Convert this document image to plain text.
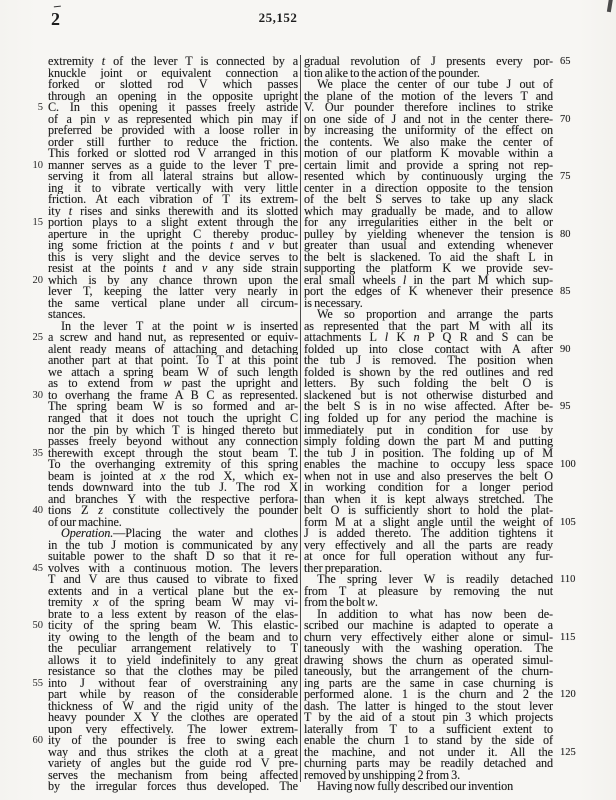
2	25,152
extremity t of the lever T is connected by a
knuckle joint or equivalent connection a
forked or slotted rod V which passes
through an opening in the opposite upright
5 C. In this opening it passes freely astride
of a pin v as represented which pin may if
preferred be provided with a loose roller in
order still further to reduce the friction.
This forked or slotted rod V arranged in this
10 manner serves as a guide to the lever T pre-
serving it from all lateral strains but allow-
ing it to vibrate vertically with very little
friction. At each vibration of T its extrem-
ity t rises and sinks therewith and its slotted
15 portion plays to a slight extent through the
aperture in the upright C thereby produc-
ing some friction at the points t and v but
this is very slight and the device serves to
resist at the points t and v any side strain
20 which is by any chance thrown upon the
lever T, keeping the latter very nearly in
the same vertical plane under all circum-
stances.
In the lever T at the point w is inserted
25 a screw and hand nut, as represented or equiv-
alent ready means of attaching and detaching
another part at that point. To T at this point
we attach a spring beam W of such length
as to extend from w past the upright and
30 to overhang the frame A B C as represented.
The spring beam W is so formed and ar-
ranged that it does not touch the upright C
nor the pin by which T is hinged thereto but
passes freely beyond without any connection
35 therewith except through the stout beam T.
To the overhanging extremity of this spring
beam is jointed at x the rod X, which ex-
tends downward into the tub J. The rod X
and branches Y with the respective perfora-
40 tions Z z constitute collectively the pounder
of our machine.
Operation.—Placing the water and clothes
in the tub J motion is communicated by any
suitable power to the shaft D so that it re-
45 volves with a continuous motion. The levers
T and V are thus caused to vibrate to fixed
extents and in a vertical plane but the ex-
tremity x of the spring beam W may vi-
brate to a less extent by reason of the elas-
50 ticity of the spring beam W. This elastic-
ity owing to the length of the beam and to
the peculiar arrangement relatively to T
allows it to yield indefinitely to any great
resistance so that the clothes may be piled
55 into J without fear of overstraining any
part while by reason of the considerable
thickness of W and the rigid unity of the
heavy pounder X Y the clothes are operated
upon very effectively. The lower extrem-
60 ity of the pounder is free to swing each
way and thus strikes the cloth at a great
variety of angles but the guide rod V pre-
serves the mechanism from being affected
by the irregular forces thus developed. The
gradual revolution of J presents every por- 65
tion alike to the action of the pounder.
We place the center of our tube J out of
the plane of the motion of the levers T and
V. Our pounder therefore inclines to strike
on one side of J and not in the center there- 70
by increasing the uniformity of the effect on
the contents. We also make the center of
motion of our platform K movable within a
certain limit and provide a spring not rep-
resented which by continuously urging the 75
center in a direction opposite to the tension
of the belt S serves to take up any slack
which may gradually be made, and to allow
for any irregularities either in the belt or
pulley by yielding whenever the tension is 80
greater than usual and extending whenever
the belt is slackened. To aid the shaft L in
supporting the platform K we provide sev-
eral small wheels l in the part M which sup-
port the edges of K whenever their presence 85
is necessary.
We so proportion and arrange the parts
as represented that the part M with all its
attachments L l K n P Q R and S can be
folded up into close contact with A after 90
the tub J is removed. The position when
folded is shown by the red outlines and red
letters. By such folding the belt O is
slackened but is not otherwise disturbed and
the belt S is in no wise affected. After be- 95
ing folded up for any period the machine is
immediately put in condition for use by
simply folding down the part M and putting
the tub J in position. The folding up of M
enables the machine to occupy less space 100
when not in use and also preserves the belt O
in working condition for a longer period
than when it is kept always stretched. The
belt O is sufficiently short to hold the plat-
form M at a slight angle until the weight of 105
J is added thereto. The addition tightens it
very effectively and all the parts are ready
at once for full operation without any fur-
ther preparation.
The spring lever W is readily detached 110
from T at pleasure by removing the nut
from the bolt w.
In addition to what has now been de-
scribed our machine is adapted to operate a
churn very effectively either alone or simul- 115
taneously with the washing operation. The
drawing shows the churn as operated simul-
taneously, but the arrangement of the churn-
ing parts are the same in case churning is
performed alone. 1 is the churn and 2 the 120
dash. The latter is hinged to the stout lever
T by the aid of a stout pin 3 which projects
laterally from T to a sufficient extent to
enable the churn 1 to stand by the side of
the machine, and not under it. All the 125
churning parts may be readily detached and
removed by unshipping 2 from 3.
Having now fully described our invention
